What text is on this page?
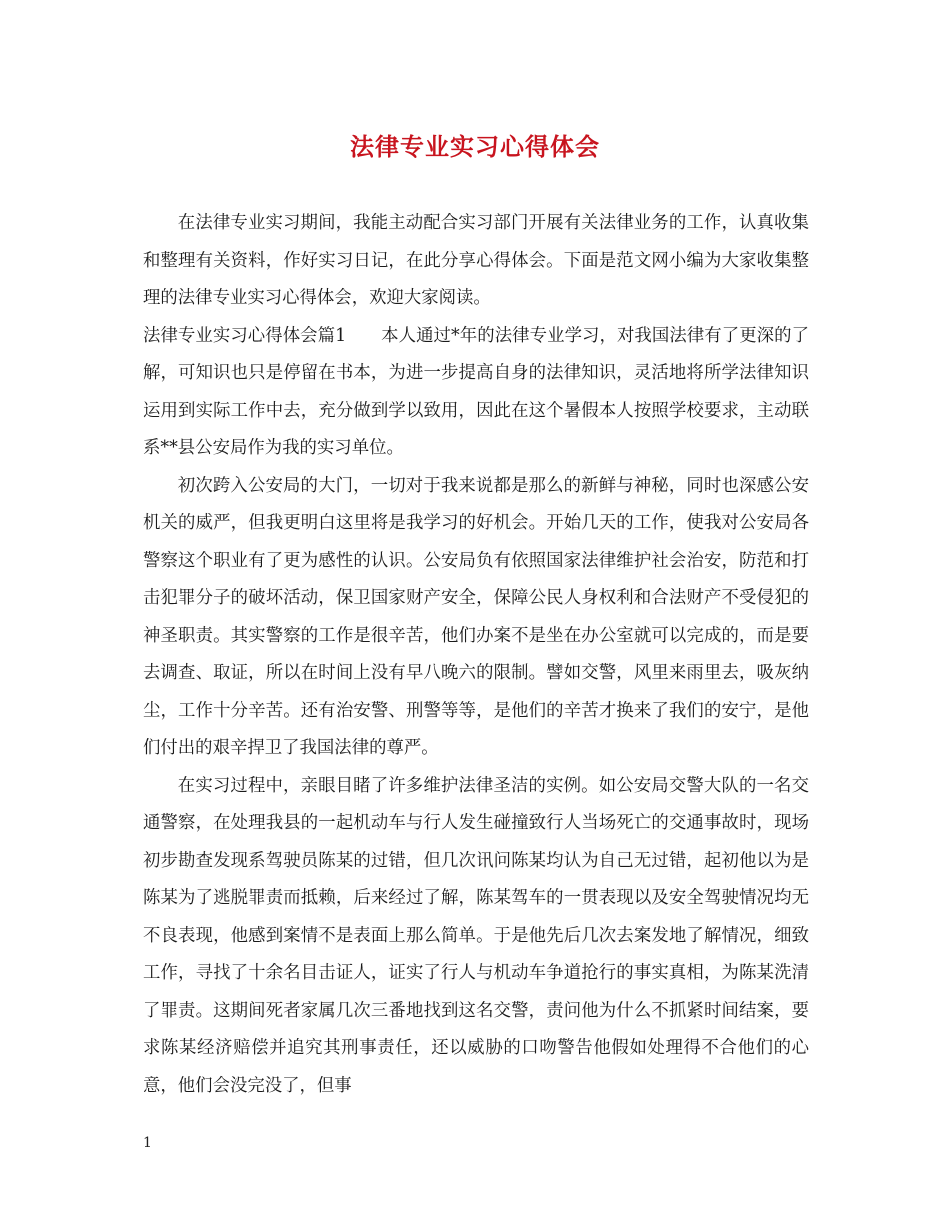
法律专业实习心得体会

在法律专业实习期间，我能主动配合实习部门开展有关法律业务的工作，认真收集和整理有关资料，作好实习日记，在此分享心得体会。下面是范文网小编为大家收集整理的法律专业实习心得体会，欢迎大家阅读。

法律专业实习心得体会篇1　　本人通过*年的法律专业学习，对我国法律有了更深的了解，可知识也只是停留在书本，为进一步提高自身的法律知识，灵活地将所学法律知识运用到实际工作中去，充分做到学以致用，因此在这个暑假本人按照学校要求，主动联系**县公安局作为我的实习单位。

初次跨入公安局的大门，一切对于我来说都是那么的新鲜与神秘，同时也深感公安机关的威严，但我更明白这里将是我学习的好机会。开始几天的工作，使我对公安局各警察这个职业有了更为感性的认识。公安局负有依照国家法律维护社会治安，防范和打击犯罪分子的破坏活动，保卫国家财产安全，保障公民人身权利和合法财产不受侵犯的神圣职责。其实警察的工作是很辛苦，他们办案不是坐在办公室就可以完成的，而是要去调查、取证，所以在时间上没有早八晚六的限制。譬如交警，风里来雨里去，吸灰纳尘，工作十分辛苦。还有治安警、刑警等等，是他们的辛苦才换来了我们的安宁，是他们付出的艰辛捍卫了我国法律的尊严。

在实习过程中，亲眼目睹了许多维护法律圣洁的实例。如公安局交警大队的一名交通警察，在处理我县的一起机动车与行人发生碰撞致行人当场死亡的交通事故时，现场初步勘查发现系驾驶员陈某的过错，但几次讯问陈某均认为自己无过错，起初他以为是陈某为了逃脱罪责而抵赖，后来经过了解，陈某驾车的一贯表现以及安全驾驶情况均无不良表现，他感到案情不是表面上那么简单。于是他先后几次去案发地了解情况，细致工作，寻找了十余名目击证人，证实了行人与机动车争道抢行的事实真相，为陈某洗清了罪责。这期间死者家属几次三番地找到这名交警，责问他为什么不抓紧时间结案，要求陈某经济赔偿并追究其刑事责任，还以威胁的口吻警告他假如处理得不合他们的心意，他们会没完没了，但事

1
